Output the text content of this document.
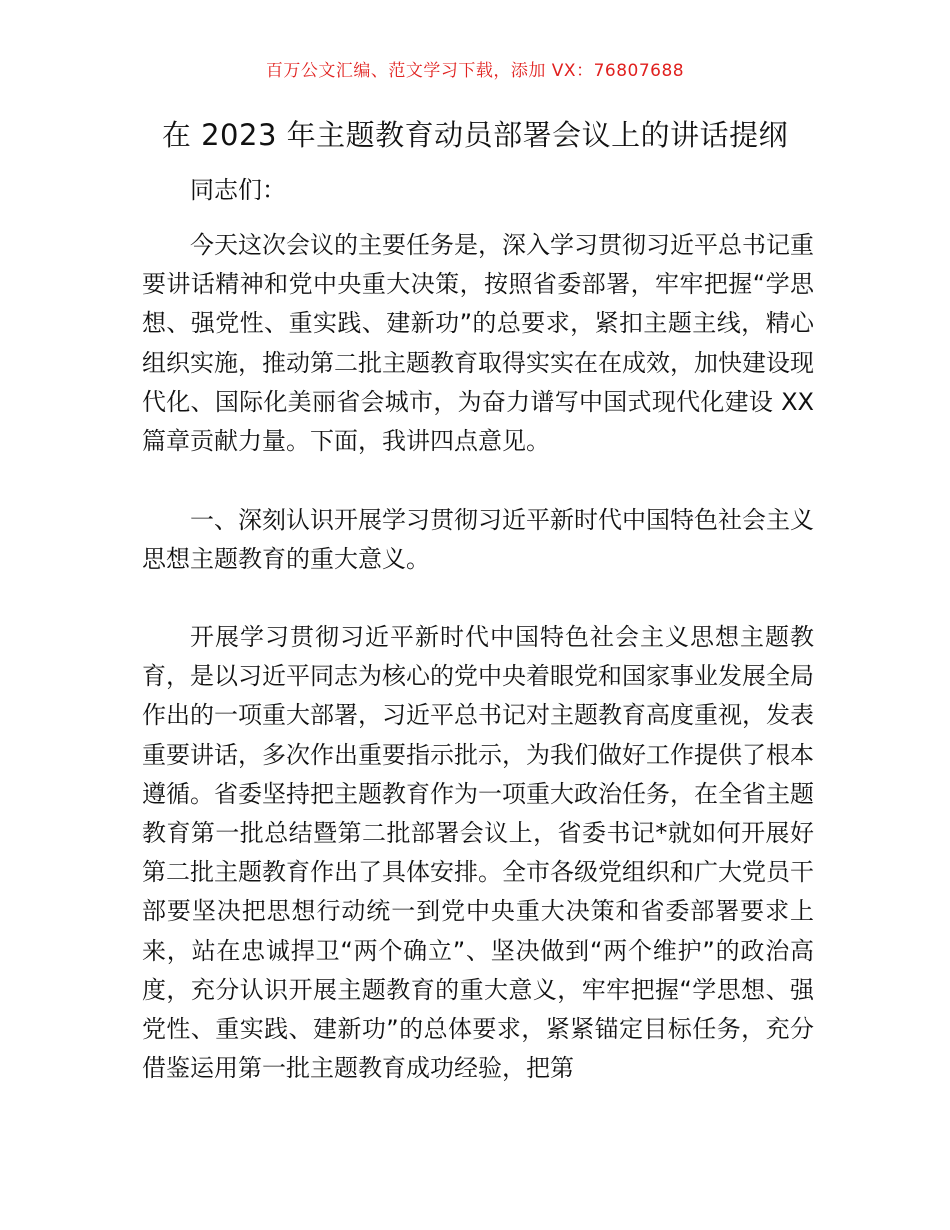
百万公文汇编、范文学习下载，添加 VX：76807688
在 2023 年主题教育动员部署会议上的讲话提纲

同志们：

今天这次会议的主要任务是，深入学习贯彻习近平总书记重要讲话精神和党中央重大决策，按照省委部署，牢牢把握“学思想、强党性、重实践、建新功”的总要求，紧扣主题主线，精心组织实施，推动第二批主题教育取得实实在在成效，加快建设现代化、国际化美丽省会城市，为奋力谱写中国式现代化建设 XX 篇章贡献力量。下面，我讲四点意见。

一、深刻认识开展学习贯彻习近平新时代中国特色社会主义思想主题教育的重大意义。

开展学习贯彻习近平新时代中国特色社会主义思想主题教育，是以习近平同志为核心的党中央着眼党和国家事业发展全局作出的一项重大部署，习近平总书记对主题教育高度重视，发表重要讲话，多次作出重要指示批示，为我们做好工作提供了根本遵循。省委坚持把主题教育作为一项重大政治任务，在全省主题教育第一批总结暨第二批部署会议上，省委书记*就如何开展好第二批主题教育作出了具体安排。全市各级党组织和广大党员干部要坚决把思想行动统一到党中央重大决策和省委部署要求上来，站在忠诚捍卫“两个确立”、坚决做到“两个维护”的政治高度，充分认识开展主题教育的重大意义，牢牢把握“学思想、强党性、重实践、建新功”的总体要求，紧紧锚定目标任务，充分借鉴运用第一批主题教育成功经验，把第
